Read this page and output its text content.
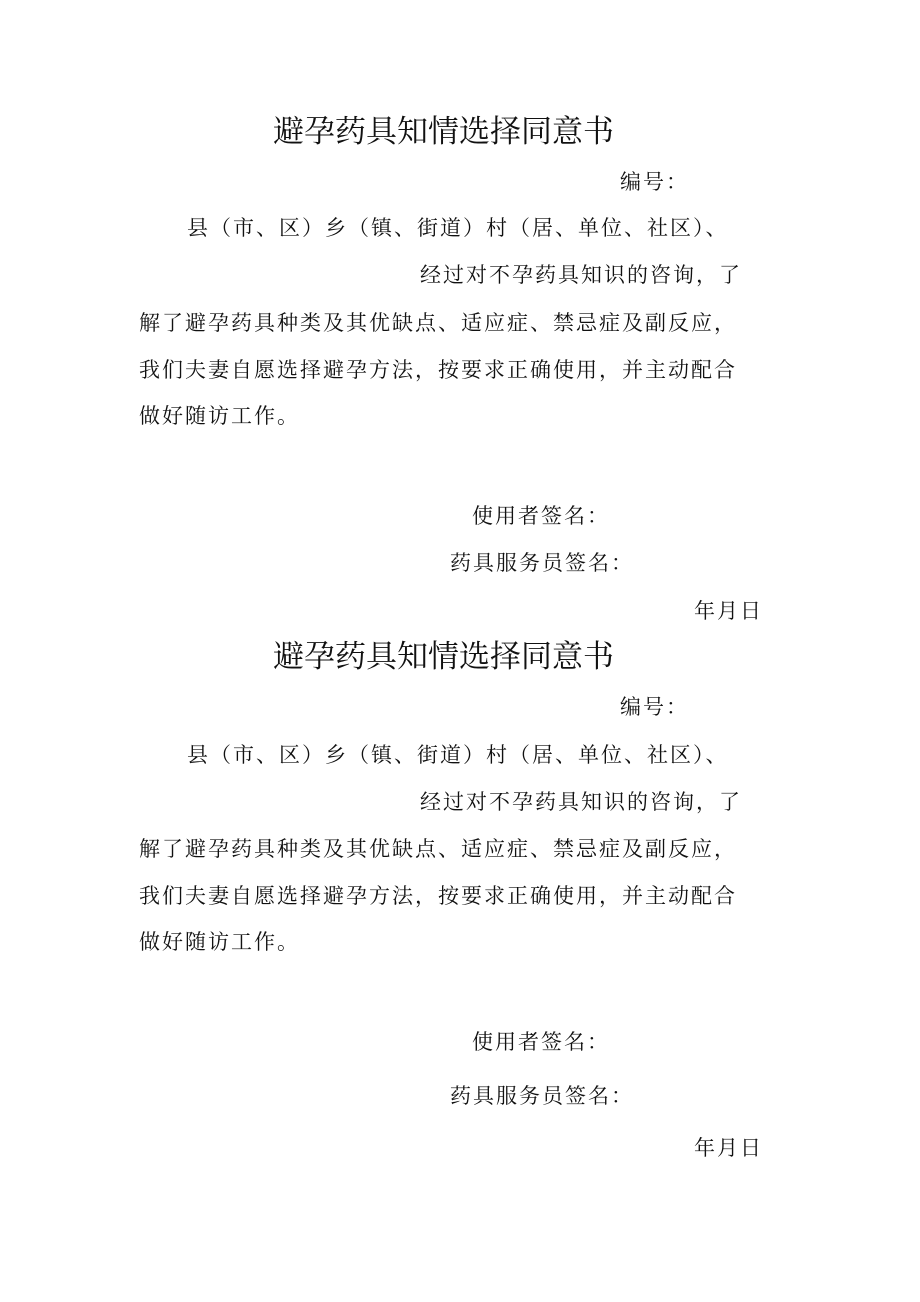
避孕药具知情选择同意书
编号：
县（市、区）乡（镇、街道）村（居、单位、社区）、
经过对不孕药具知识的咨询，了
解了避孕药具种类及其优缺点、适应症、禁忌症及副反应，
我们夫妻自愿选择避孕方法，按要求正确使用，并主动配合
做好随访工作。
使用者签名：
药具服务员签名：
年月日
避孕药具知情选择同意书
编号：
县（市、区）乡（镇、街道）村（居、单位、社区）、
经过对不孕药具知识的咨询，了
解了避孕药具种类及其优缺点、适应症、禁忌症及副反应，
我们夫妻自愿选择避孕方法，按要求正确使用，并主动配合
做好随访工作。
使用者签名：
药具服务员签名：
年月日
